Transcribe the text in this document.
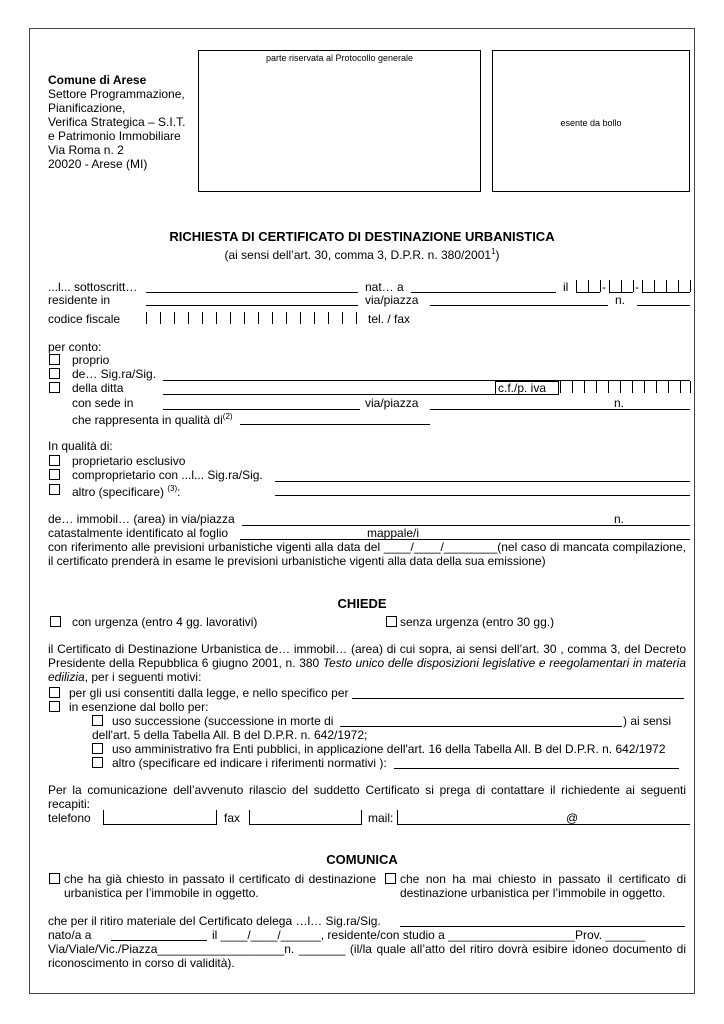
Comune di Arese
Settore Programmazione,
Pianificazione,
Verifica Strategica – S.I.T.
e Patrimonio Immobiliare
Via Roma n. 2
20020 - Arese (MI)
parte riservata al Protocollo generale
esente da bollo
RICHIESTA DI CERTIFICATO DI DESTINAZIONE URBANISTICA
(ai sensi dell’art. 30, comma 3, D.P.R. n. 380/2001$^1$)
...l... sottoscritt…	nat… a	il	- -
residente in	via/piazza	n.
codice fiscale	tel. / fax
per conto:
proprio
de… Sig.ra/Sig.
della ditta	c.f./p. iva
con sede in	via/piazza	n.
che rappresenta in qualità $di^{(2)}$
In qualità di:
proprietario esclusivo
comproprietario con ...l... Sig.ra/Sig.
altro (specificare) $^{(3)}$:
de… immobil… (area) in via/piazza	n.
catastalmente identificato al foglio	mappale/i
con riferimento alle previsioni urbanistiche vigenti alla data del ____/____/________(nel caso di mancata compilazione, il certificato prenderà in esame le previsioni urbanistiche vigenti alla data della sua emissione)
CHIEDE
con urgenza (entro 4 gg. lavorativi)	senza urgenza (entro 30 gg.)
il Certificato di Destinazione Urbanistica de… immobil… (area) di cui sopra, ai sensi dell’art. 30 , comma 3, del Decreto Presidente della Repubblica 6 giugno 2001, n. 380 Testo unico delle disposizioni legislative e reegolamentari in materia edilizia, per i seguenti motivi:
per gli usi consentiti dalla legge, e nello specifico per
in esenzione dal bollo per:
uso successione (successione in morte di	) ai sensi
dell'art. 5 della Tabella All. B del D.P.R. n. 642/1972;
uso amministrativo fra Enti pubblici, in applicazione dell'art. 16 della Tabella All. B del D.P.R. n. 642/1972
altro (specificare ed indicare i riferimenti normativi ):
Per la comunicazione dell’avvenuto rilascio del suddetto Certificato si prega di contattare il richiedente ai seguenti recapiti:
telefono	fax	mail:	@
COMUNICA
che ha già chiesto in passato il certificato di destinazione urbanistica per l’immobile in oggetto.
che non ha mai chiesto in passato il certificato di destinazione urbanistica per l’immobile in oggetto.
che per il ritiro materiale del Certificato delega …l… Sig.ra/Sig.
nato/a a	il ____/____/______, residente/con studio a ___________________Prov. ______
Via/Viale/Vic./Piazza___________________n. _______ (il/la quale all’atto del ritiro dovrà esibire idoneo documento di riconoscimento in corso di validità).
